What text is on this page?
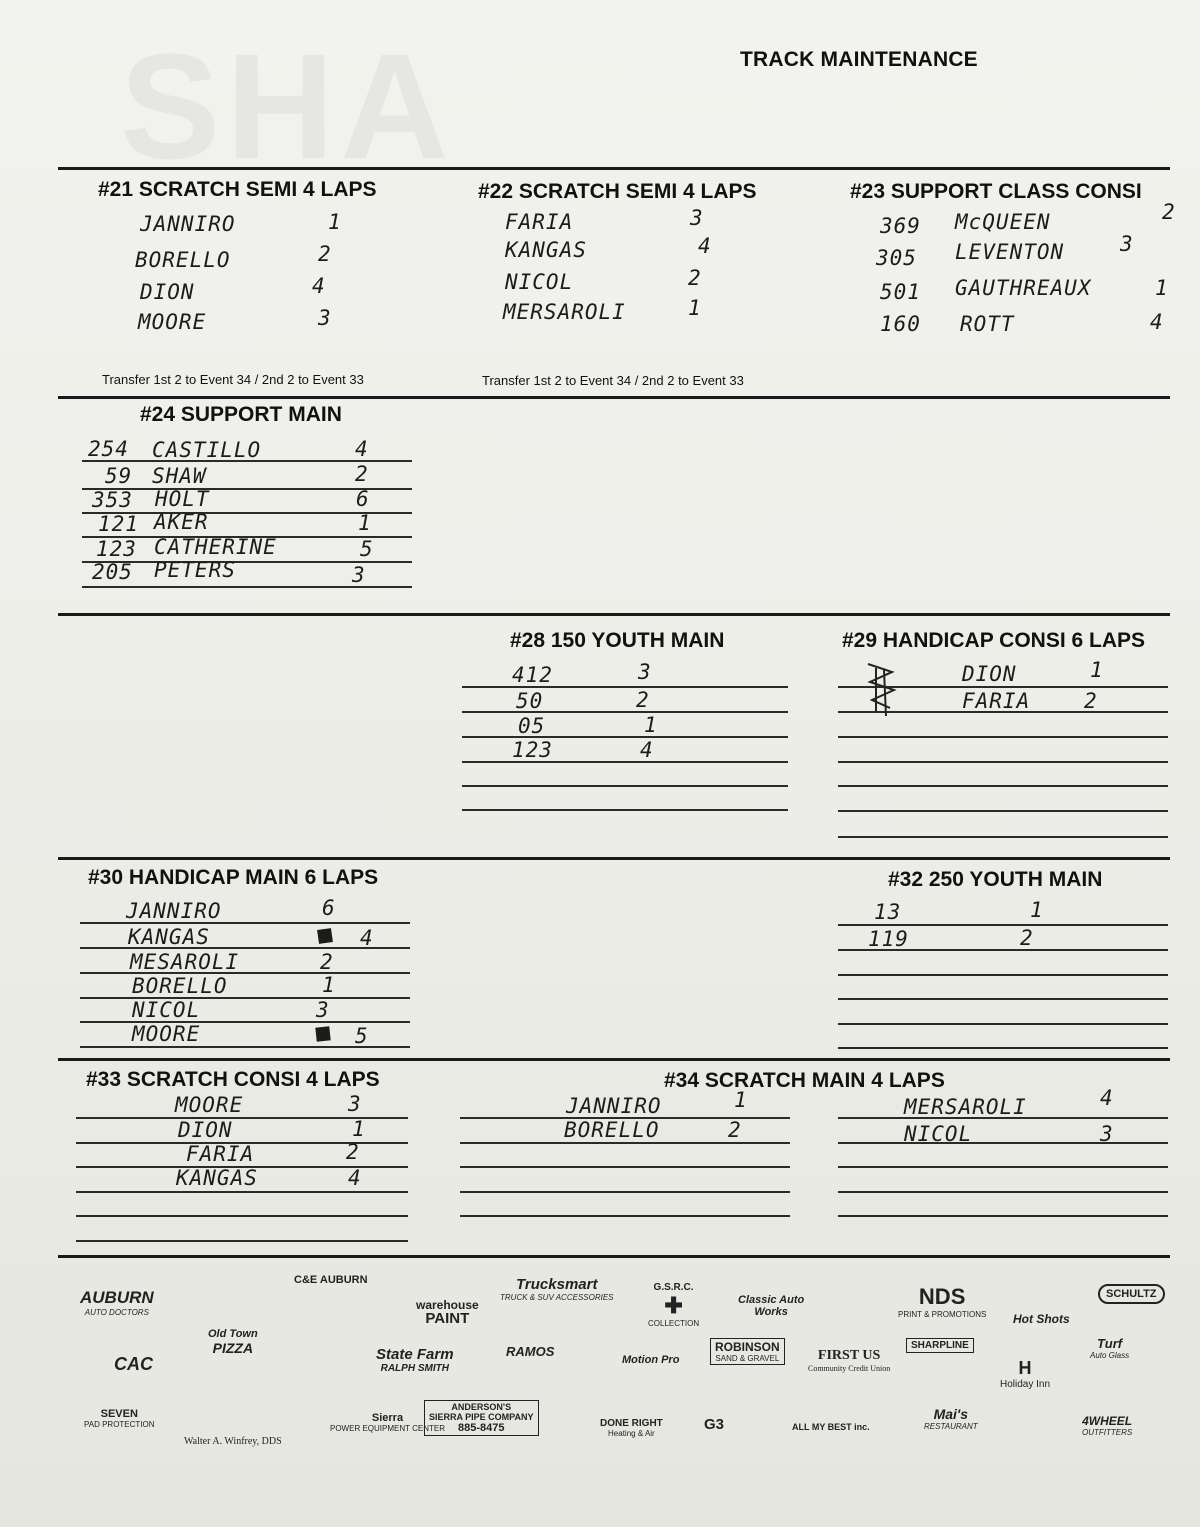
TRACK MAINTENANCE
#21 SCRATCH SEMI 4 LAPS
JANNIRO	1
BORELLO	2
DION	4
MOORE	3
Transfer 1st 2 to Event 34 / 2nd 2 to Event 33
#22 SCRATCH SEMI 4 LAPS
FARIA	3
KANGAS	4
NICOL	2
MERSAROLI	1
Transfer 1st 2 to Event 34 / 2nd 2 to Event 33
#23 SUPPORT CLASS CONSI
369 McQUEEN	2
305 LEVENTON	3
501 GAUTHREAUX	1
160 ROTT	4
#24 SUPPORT MAIN
254 CASTILLO	4
59 SHAW	2
353 HOLT	6
121 AKER	1
123 CATHERINE	5
205 PETERS	3
#28 150 YOUTH MAIN
412	3
50	2
05	1
123	4
#29 HANDICAP CONSI 6 LAPS
DION	1
FARIA	2
#30 HANDICAP MAIN 6 LAPS
JANNIRO	6
KANGAS	4
MESAROLI	2
BORELLO	1
NICOL	3
MOORE	5
#32 250 YOUTH MAIN
13	1
119	2
#33 SCRATCH CONSI 4 LAPS
MOORE	3
DION	1
FARIA	2
KANGAS	4
#34 SCRATCH MAIN 4 LAPS
JANNIRO	1
BORELLO	2
MERSAROLI	4
NICOL	3
AUBURN
AUTO DOCTORS
C&E AUBURN
Old Town
PIZZA
warehouse
PAINT
Trucksmart
TRUCK & SUV ACCESSORIES
G.S.R.C.
✚
COLLECTION
Classic Auto
Works
NDS
PRINT & PROMOTIONS
SCHULTZ
Hot Shots
State Farm
RALPH SMITH
RAMOS
Motion Pro
ROBINSON
SAND & GRAVEL
SHARPLINE	Turf
Auto Glass
CAC
SEVEN
PAD PROTECTION
Walter A. Winfrey, DDS
Sierra
POWER EQUIPMENT CENTER
ANDERSON'S
SIERRA PIPE COMPANY
885-8475	DONE RIGHT
Heating & Air
G3
FIRST US
Community Credit Union
ALL MY BEST inc.
H
Holiday Inn
Mai's
RESTAURANT	4WHEEL
OUTFITTERS
